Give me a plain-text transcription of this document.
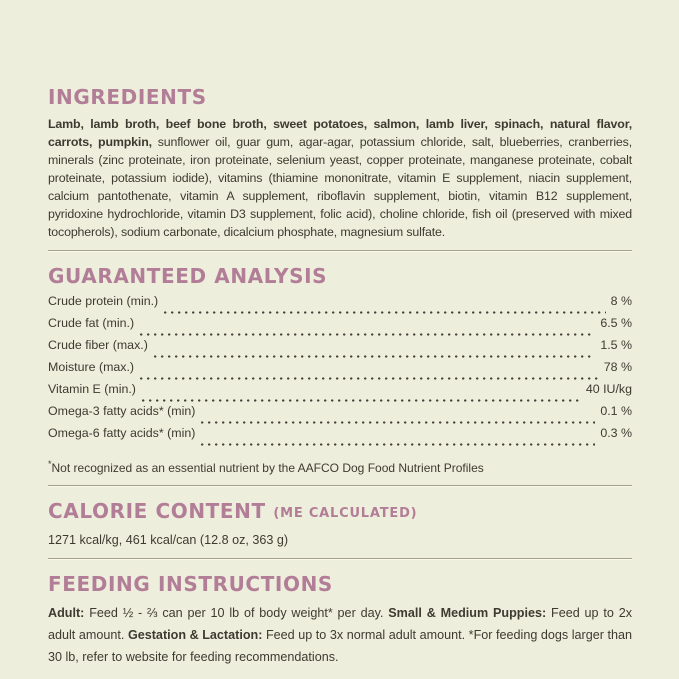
INGREDIENTS

Lamb, lamb broth, beef bone broth, sweet potatoes, salmon, lamb liver, spinach, natural flavor, carrots, pumpkin, sunflower oil, guar gum, agar-agar, potassium chloride, salt, blueberries, cranberries, minerals (zinc proteinate, iron proteinate, selenium yeast, copper proteinate, manganese proteinate, cobalt proteinate, potassium iodide), vitamins (thiamine mononitrate, vitamin E supplement, niacin supplement, calcium pantothenate, vitamin A supplement, riboflavin supplement, biotin, vitamin B12 supplement, pyridoxine hydrochloride, vitamin D3 supplement, folic acid), choline chloride, fish oil (preserved with mixed tocopherols), sodium carbonate, dicalcium phosphate, magnesium sulfate.

GUARANTEED ANALYSIS
Crude protein (min.)	8 %
Crude fat (min.)	6.5 %
Crude fiber (max.)	1.5 %
Moisture (max.)	78 %
Vitamin E (min.)	40 IU/kg
Omega-3 fatty acids* (min)	0.1 %
Omega-6 fatty acids* (min)	0.3 %

*Not recognized as an essential nutrient by the AAFCO Dog Food Nutrient Profiles

CALORIE CONTENT (ME CALCULATED)

1271 kcal/kg, 461 kcal/can (12.8 oz, 363 g)

FEEDING INSTRUCTIONS

Adult: Feed ½ - ⅔ can per 10 lb of body weight* per day. Small & Medium Puppies: Feed up to 2x adult amount. Gestation & Lactation: Feed up to 3x normal adult amount. *For feeding dogs larger than 30 lb, refer to website for feeding recommendations.
